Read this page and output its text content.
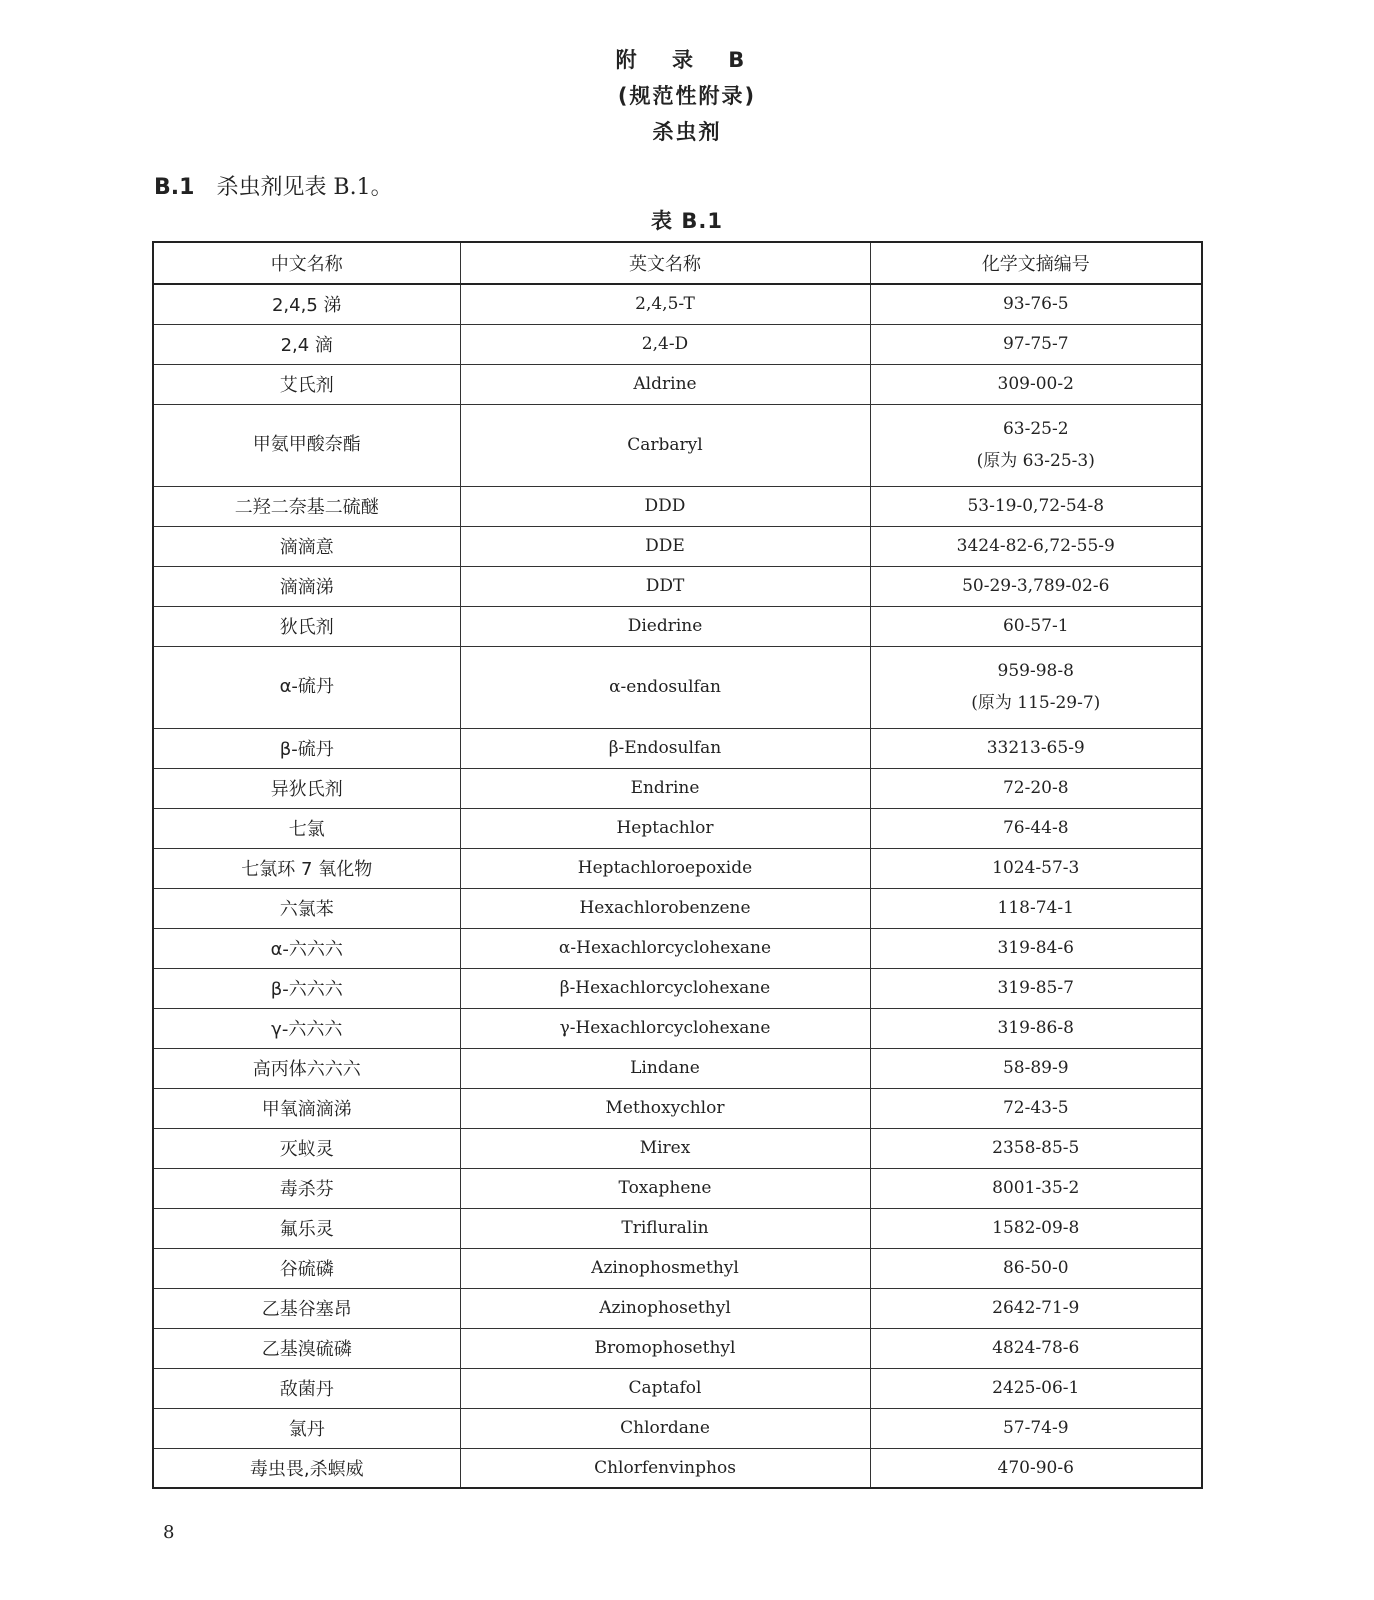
附 录 B
(规范性附录)
杀虫剂
B.1 杀虫剂见表 B.1。
表 B.1
中文名称	英文名称	化学文摘编号
2,4,5 涕	2,4,5-T	93-76-5

2,4 滴	2,4-D	97-75-7

艾氏剂	Aldrine	309-00-2

甲氨甲酸奈酯	Carbaryl	63-25-2
(原为 63-25-3)

二羟二奈基二硫醚	DDD	53-19-0,72-54-8

滴滴意	DDE	3424-82-6,72-55-9

滴滴涕	DDT	50-29-3,789-02-6

狄氏剂	Diedrine	60-57-1

α-硫丹	α-endosulfan	959-98-8
(原为 115-29-7)

β-硫丹	β-Endosulfan	33213-65-9

异狄氏剂	Endrine	72-20-8

七氯	Heptachlor	76-44-8

七氯环 7 氧化物	Heptachloroepoxide	1024-57-3

六氯苯	Hexachlorobenzene	118-74-1

α-六六六	α-Hexachlorcyclohexane	319-84-6

β-六六六	β-Hexachlorcyclohexane	319-85-7

γ-六六六	γ-Hexachlorcyclohexane	319-86-8

高丙体六六六	Lindane	58-89-9

甲氧滴滴涕	Methoxychlor	72-43-5

灭蚁灵	Mirex	2358-85-5

毒杀芬	Toxaphene	8001-35-2

氟乐灵	Trifluralin	1582-09-8

谷硫磷	Azinophosmethyl	86-50-0

乙基谷塞昂	Azinophosethyl	2642-71-9

乙基溴硫磷	Bromophosethyl	4824-78-6

敌菌丹	Captafol	2425-06-1

氯丹	Chlordane	57-74-9

毒虫畏,杀螟威	Chlorfenvinphos	470-90-6
8
